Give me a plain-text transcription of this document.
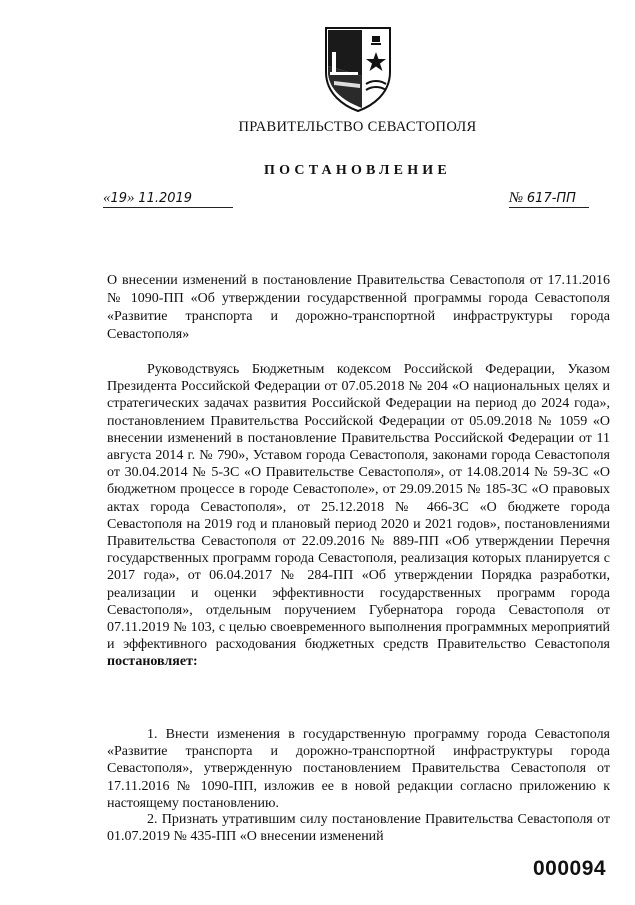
ПРАВИТЕЛЬСТВО СЕВАСТОПОЛЯ
ПОСТАНОВЛЕНИЕ
«19» 11.2019	№ 617-ПП
О внесении изменений в постановление Правительства Севастополя от 17.11.2016 № 1090-ПП «Об утверждении государственной программы города Севастополя «Развитие транспорта и дорожно-транспортной инфраструктуры города Севастополя»
Руководствуясь Бюджетным кодексом Российской Федерации, Указом Президента Российской Федерации от 07.05.2018 № 204 «О национальных целях и стратегических задачах развития Российской Федерации на период до 2024 года», постановлением Правительства Российской Федерации от 05.09.2018 № 1059 «О внесении изменений в постановление Правительства Российской Федерации от 11 августа 2014 г. № 790», Уставом города Севастополя, законами города Севастополя от 30.04.2014 № 5-ЗС «О Правительстве Севастополя», от 14.08.2014 № 59-ЗС «О бюджетном процессе в городе Севастополе», от 29.09.2015 № 185-ЗС «О правовых актах города Севастополя», от 25.12.2018 № 466-ЗС «О бюджете города Севастополя на 2019 год и плановый период 2020 и 2021 годов», постановлениями Правительства Севастополя от 22.09.2016 № 889-ПП «Об утверждении Перечня государственных программ города Севастополя, реализация которых планируется с 2017 года», от 06.04.2017 № 284-ПП «Об утверждении Порядка разработки, реализации и оценки эффективности государственных программ города Севастополя», отдельным поручением Губернатора города Севастополя от 07.11.2019 № 103, с целью своевременного выполнения программных мероприятий и эффективного расходования бюджетных средств Правительство Севастополя постановляет:
1. Внести изменения в государственную программу города Севастополя «Развитие транспорта и дорожно-транспортной инфраструктуры города Севастополя», утвержденную постановлением Правительства Севастополя от 17.11.2016 № 1090-ПП, изложив ее в новой редакции согласно приложению к настоящему постановлению.
2. Признать утратившим силу постановление Правительства Севастополя от 01.07.2019 № 435-ПП «О внесении изменений
000094
